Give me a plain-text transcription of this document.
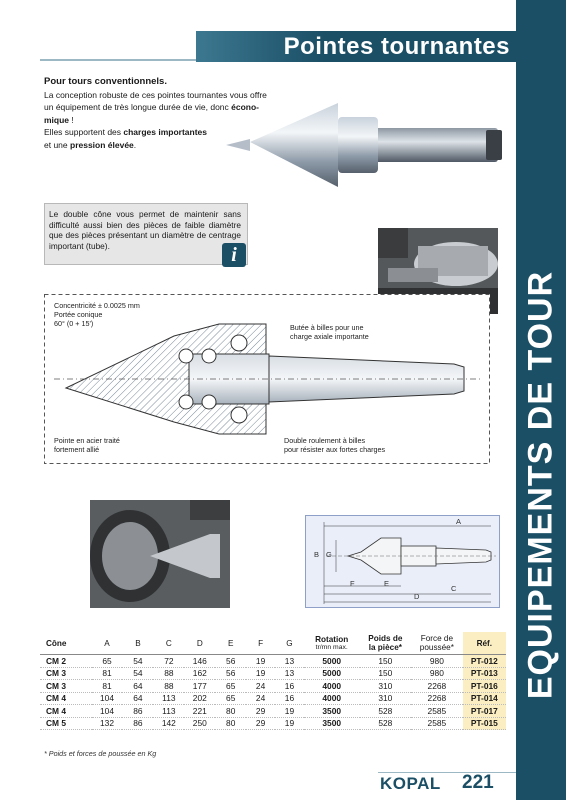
EQUIPEMENTS DE TOUR
Pointes tournantes
Pour tours conventionnels.

La conception robuste de ces pointes tournantes vous offre

un équipement de très longue durée de vie, donc écono-

mique !

Elles supportent des charges importantes

et une pression élevée.

Le double cône vous permet de maintenir sans difficulté aussi bien des pièces de faible diamètre que des pièces présentant un diamètre de centrage important (tube).	i
Concentricité ± 0.0025 mm
Portée conique
60° (0 + 15')	Butée à billes pour une
charge axiale importante
Pointe en acier traité
fortement allié
Double roulement à billes
pour résister aux fortes charges
A
B G
F	E
C
D
Cône	A	B	C	D	E	F	G	Rotation
tr/mn max.	Poids de
la pièce*	Force de
poussée*	Réf.
CM 2	65	54	72	146	56	19	13	5000	150	980	PT-012
CM 3	81	54	88	162	56	19	13	5000	150	980	PT-013
CM 3	81	64	88	177	65	24	16	4000	310	2268	PT-016
CM 4	104	64	113	202	65	24	16	4000	310	2268	PT-014
CM 4	104	86	113	221	80	29	19	3500	528	2585	PT-017
CM 5	132	86	142	250	80	29	19	3500	528	2585	PT-015
* Poids et forces de poussée en Kg
KOPAL 221
